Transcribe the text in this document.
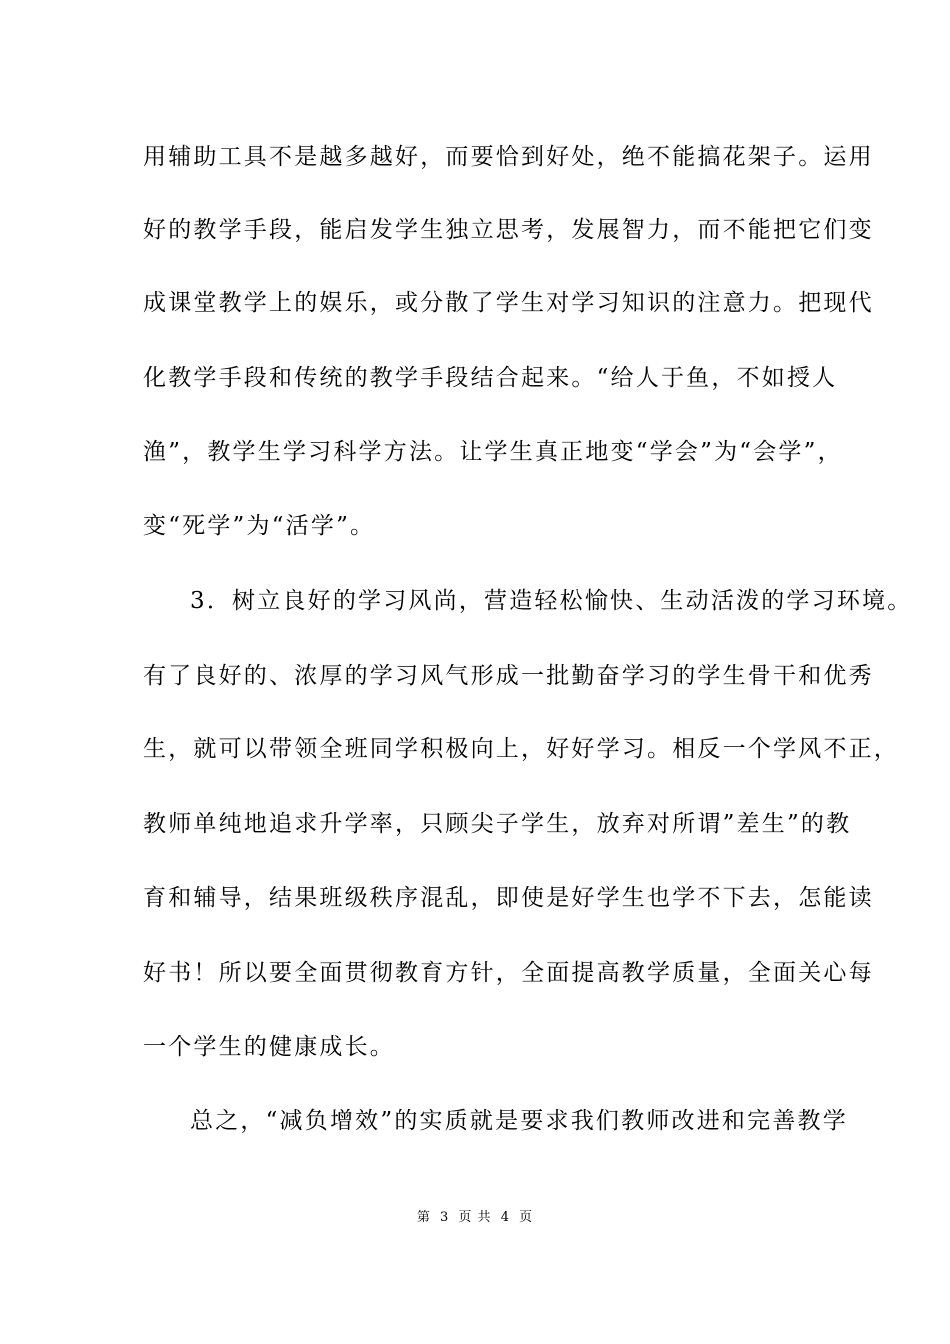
用辅助工具不是越多越好，而要恰到好处，绝不能搞花架子。运用
好的教学手段，能启发学生独立思考，发展智力，而不能把它们变
成课堂教学上的娱乐，或分散了学生对学习知识的注意力。把现代
化教学手段和传统的教学手段结合起来。“给人于鱼，不如授人
渔”，教学生学习科学方法。让学生真正地变“学会”为“会学”，
变“死学”为“活学”。
3．树立良好的学习风尚，营造轻松愉快、生动活泼的学习环境。
有了良好的、浓厚的学习风气形成一批勤奋学习的学生骨干和优秀
生，就可以带领全班同学积极向上，好好学习。相反一个学风不正，
教师单纯地追求升学率，只顾尖子学生，放弃对所谓”差生”的教
育和辅导，结果班级秩序混乱，即使是好学生也学不下去，怎能读
好书！所以要全面贯彻教育方针，全面提高教学质量，全面关心每
一个学生的健康成长。
总之，“减负增效”的实质就是要求我们教师改进和完善教学
第 3 页 共 4 页
